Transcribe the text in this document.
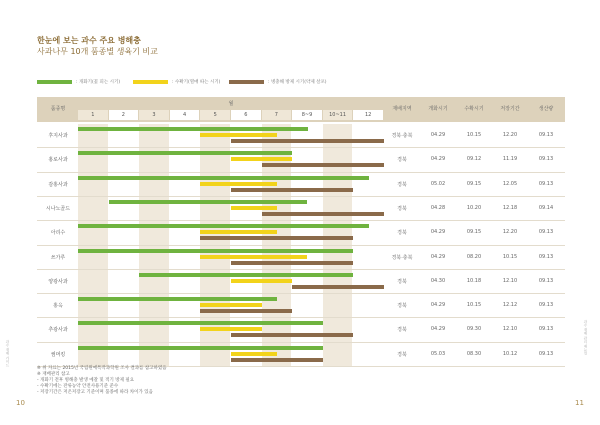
한눈에 보는 과수 주요 병해충
사과나무 10개 품종별 생육기 비교
: 개화기(꽃 피는 시기)	: 수확기(열매 따는 시기)	: 병충해 방제 시기(약제 살포)
품종명
월
재배지역	개화시기	수확시기	저장기간	생산량
1	2	3	4	5	6	7	8~9	10~11	12
후지사과	경북·충북	04.29	10.15	12.20	09.13
홍로사과	경북	04.29	09.12	11.19	09.13
감홍사과	경북	05.02	09.15	12.05	09.13
시나노골드	경북	04.28	10.20	12.18	09.14
아리수	경북	04.29	09.15	12.20	09.13
쓰가루	경북·충북	04.29	08.20	10.15	09.13
양광사과	경북	04.30	10.18	12.10	09.13
홍옥	경북	04.29	10.15	12.12	09.13
추광사과	경북	04.29	09.30	12.10	09.13
썸머킹	경북	05.03	08.30	10.12	09.13
※ 위 자료는 2015년 국립원예특작과학원 조사 결과를 참고하였음
※ 재배관리 참고
- 개화기 전후 병해충 발생 예찰 및 적기 방제 필요
- 수확기에는 잔류농약 안전사용기준 준수
- 저장기간은 저온저장고 기준이며 품종에 따라 차이가 있음
10	11
과수 재배 가이드	과수 재배 관리 매뉴얼
